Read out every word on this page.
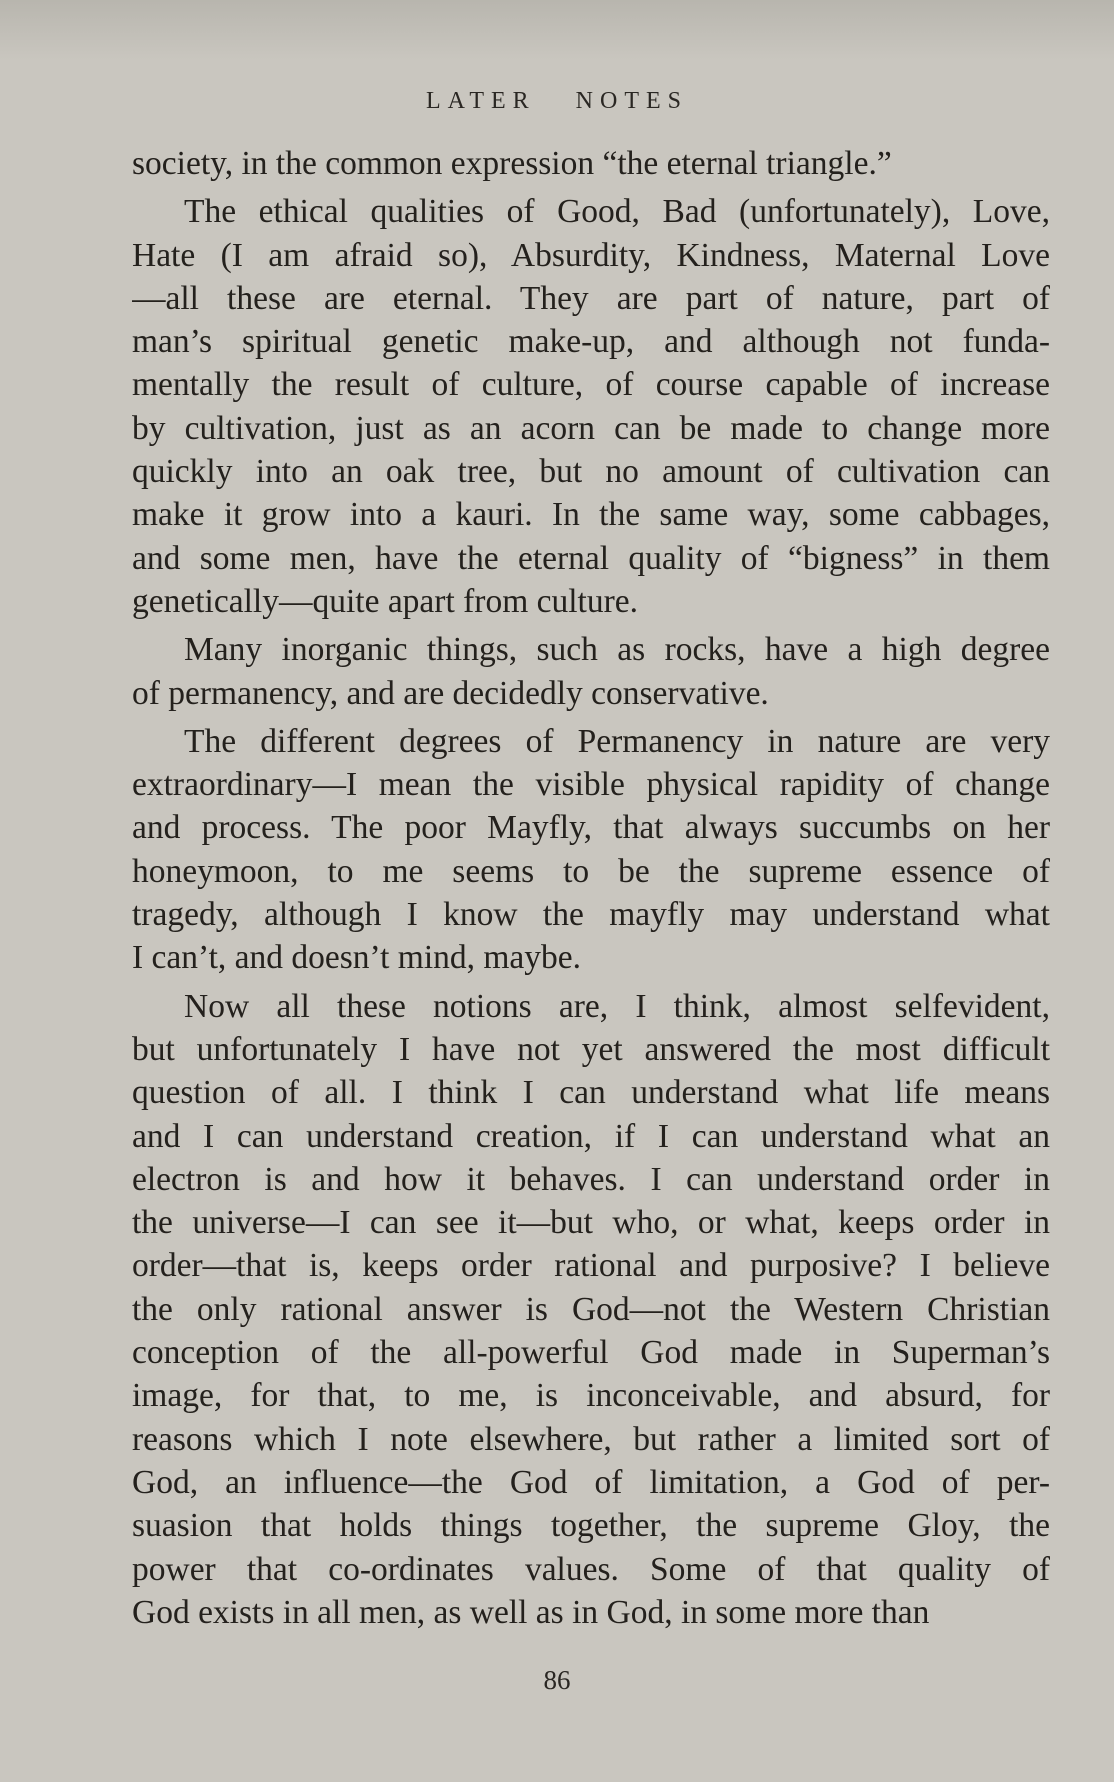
LATER NOTES
society, in the common expression “the eternal triangle.”
The ethical qualities of Good, Bad (unfortunately), Love,
Hate (I am afraid so), Absurdity, Kindness, Maternal Love
—all these are eternal. They are part of nature, part of
man’s spiritual genetic make-up, and although not funda-
mentally the result of culture, of course capable of increase
by cultivation, just as an acorn can be made to change more
quickly into an oak tree, but no amount of cultivation can
make it grow into a kauri. In the same way, some cabbages,
and some men, have the eternal quality of “bigness” in them
genetically—quite apart from culture.
Many inorganic things, such as rocks, have a high degree
of permanency, and are decidedly conservative.
The different degrees of Permanency in nature are very
extraordinary—I mean the visible physical rapidity of change
and process. The poor Mayfly, that always succumbs on her
honeymoon, to me seems to be the supreme essence of
tragedy, although I know the mayfly may understand what
I can’t, and doesn’t mind, maybe.
Now all these notions are, I think, almost selfevident,
but unfortunately I have not yet answered the most difficult
question of all. I think I can understand what life means
and I can understand creation, if I can understand what an
electron is and how it behaves. I can understand order in
the universe—I can see it—but who, or what, keeps order in
order—that is, keeps order rational and purposive? I believe
the only rational answer is God—not the Western Christian
conception of the all-powerful God made in Superman’s
image, for that, to me, is inconceivable, and absurd, for
reasons which I note elsewhere, but rather a limited sort of
God, an influence—the God of limitation, a God of per-
suasion that holds things together, the supreme Gloy, the
power that co-ordinates values. Some of that quality of
God exists in all men, as well as in God, in some more than
86
